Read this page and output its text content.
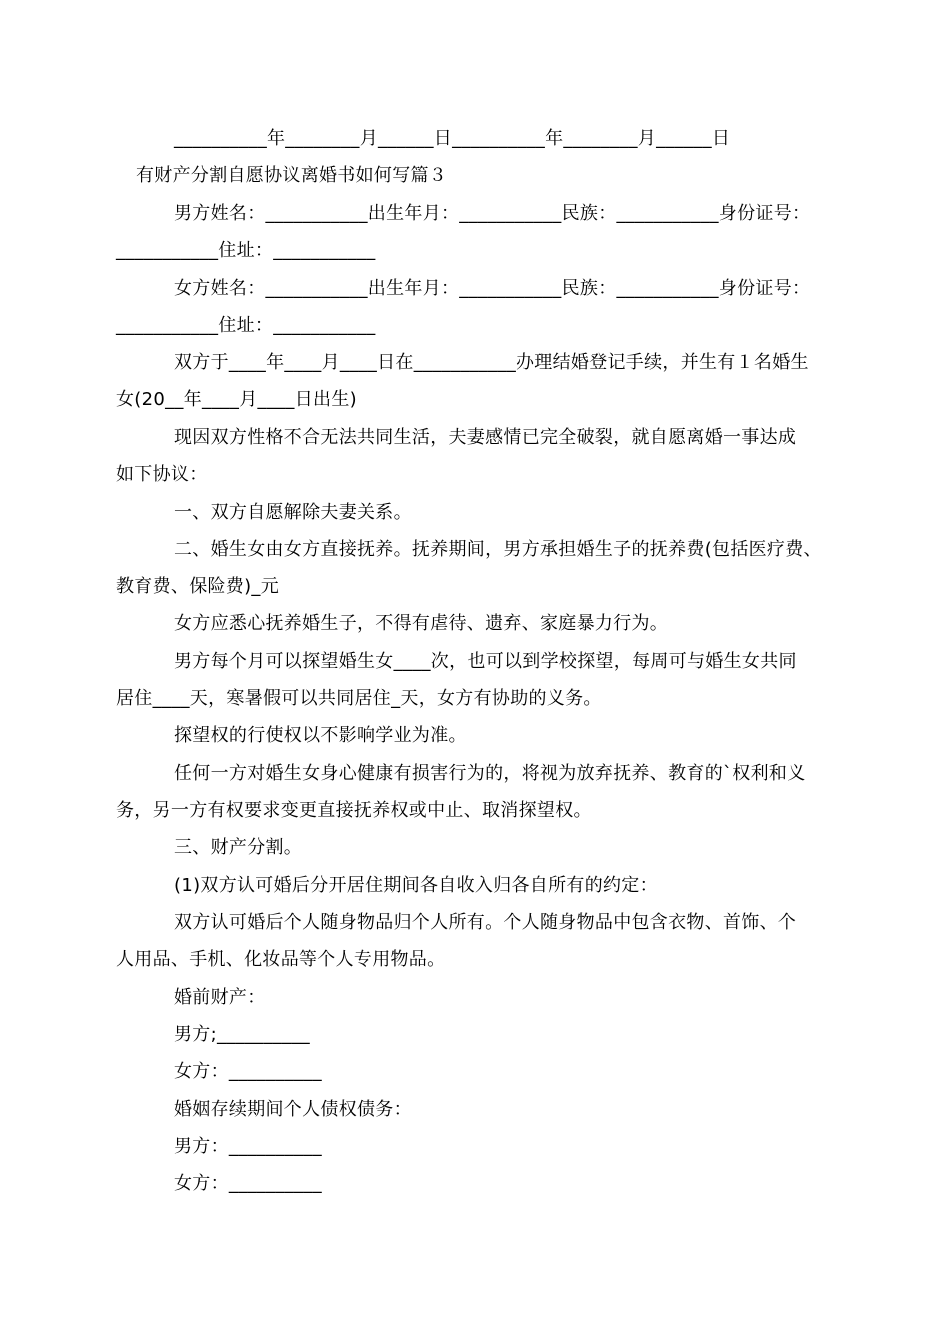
__________年________月______日__________年________月______日
有财产分割自愿协议离婚书如何写篇３
男方姓名：___________出生年月：___________民族：___________身份证号：
___________住址：___________
女方姓名：___________出生年月：___________民族：___________身份证号：
___________住址：___________
双方于____年____月____日在___________办理结婚登记手续，并生有１名婚生
女(20__年____月____日出生)
现因双方性格不合无法共同生活，夫妻感情已完全破裂，就自愿离婚一事达成
如下协议：
一、双方自愿解除夫妻关系。
二、婚生女由女方直接抚养。抚养期间，男方承担婚生子的抚养费(包括医疗费、
教育费、保险费)_元
女方应悉心抚养婚生子，不得有虐待、遗弃、家庭暴力行为。
男方每个月可以探望婚生女____次，也可以到学校探望，每周可与婚生女共同
居住____天，寒暑假可以共同居住_天，女方有协助的义务。
探望权的行使权以不影响学业为准。
任何一方对婚生女身心健康有损害行为的，将视为放弃抚养、教育的`权利和义
务，另一方有权要求变更直接抚养权或中止、取消探望权。
三、财产分割。
(1)双方认可婚后分开居住期间各自收入归各自所有的约定：
双方认可婚后个人随身物品归个人所有。个人随身物品中包含衣物、首饰、个
人用品、手机、化妆品等个人专用物品。
婚前财产：
男方;__________
女方：__________
婚姻存续期间个人债权债务：
男方：__________
女方：__________
